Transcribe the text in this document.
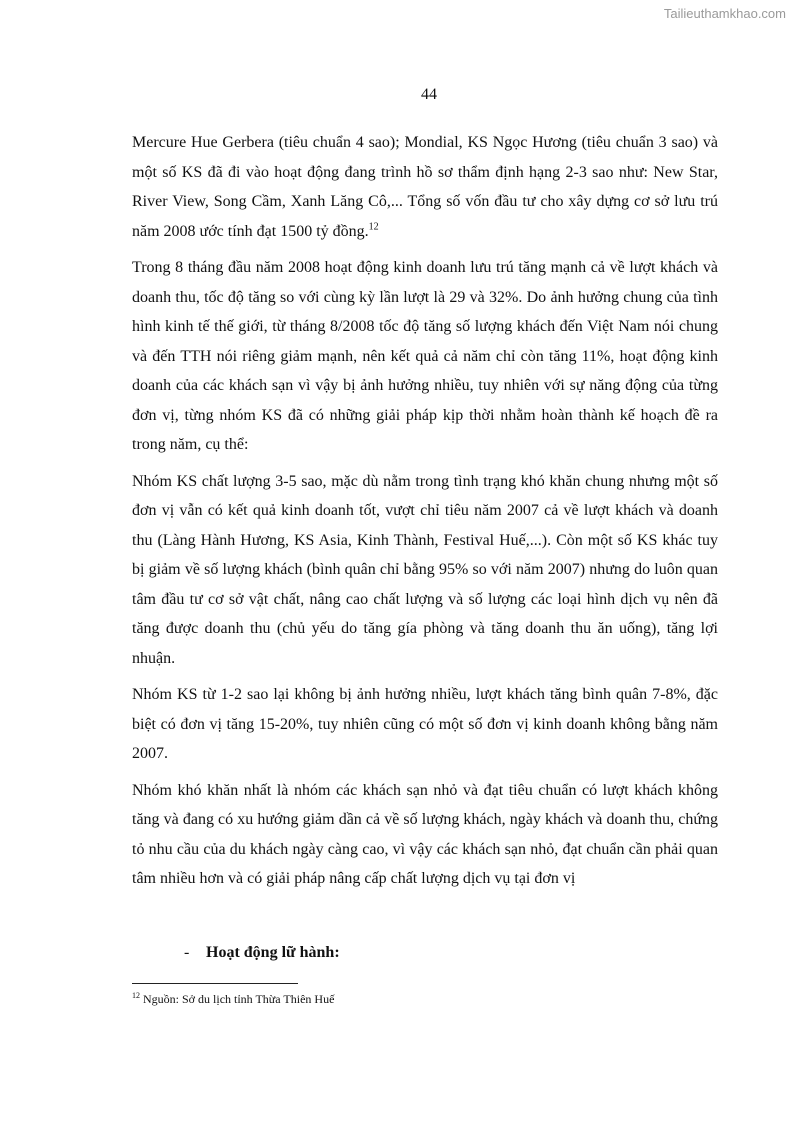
Tailieuthamkhao.com
44

Mercure Hue Gerbera (tiêu chuẩn 4 sao); Mondial, KS Ngọc Hương (tiêu chuẩn 3 sao) và một số KS đã đi vào hoạt động đang trình hồ sơ thẩm định hạng 2-3 sao như: New Star, River View, Song Cầm, Xanh Lăng Cô,... Tổng số vốn đầu tư cho xây dựng cơ sở lưu trú năm 2008 ước tính đạt 1500 tỷ đồng.$^{12}$

Trong 8 tháng đầu năm 2008 hoạt động kinh doanh lưu trú tăng mạnh cả về lượt khách và doanh thu, tốc độ tăng so với cùng kỳ lần lượt là 29 và 32%. Do ảnh hưởng chung của tình hình kinh tế thế giới, từ tháng 8/2008 tốc độ tăng số lượng khách đến Việt Nam nói chung và đến TTH nói riêng giảm mạnh, nên kết quả cả năm chỉ còn tăng 11%, hoạt động kinh doanh của các khách sạn vì vậy bị ảnh hưởng nhiều, tuy nhiên với sự năng động của từng đơn vị, từng nhóm KS đã có những giải pháp kịp thời nhằm hoàn thành kế hoạch đề ra trong năm, cụ thể:

Nhóm KS chất lượng 3-5 sao, mặc dù nằm trong tình trạng khó khăn chung nhưng một số đơn vị vẫn có kết quả kinh doanh tốt, vượt chỉ tiêu năm 2007 cả về lượt khách và doanh thu (Làng Hành Hương, KS Asia, Kinh Thành, Festival Huế,...). Còn một số KS khác tuy bị giảm về số lượng khách (bình quân chỉ bằng 95% so với năm 2007) nhưng do luôn quan tâm đầu tư cơ sở vật chất, nâng cao chất lượng và số lượng các loại hình dịch vụ nên đã tăng được doanh thu (chủ yếu do tăng gía phòng và tăng doanh thu ăn uống), tăng lợi nhuận.

Nhóm KS từ 1-2 sao lại không bị ảnh hưởng nhiều, lượt khách tăng bình quân 7-8%, đặc biệt có đơn vị tăng 15-20%, tuy nhiên cũng có một số đơn vị kinh doanh không bằng năm 2007.

Nhóm khó khăn nhất là nhóm các khách sạn nhỏ và đạt tiêu chuẩn có lượt khách không tăng và đang có xu hướng giảm dần cả về số lượng khách, ngày khách và doanh thu, chứng tỏ nhu cầu của du khách ngày càng cao, vì vậy các khách sạn nhỏ, đạt chuẩn cần phải quan tâm nhiều hơn và có giải pháp nâng cấp chất lượng dịch vụ tại đơn vị

- Hoạt động lữ hành:
$^{12}$ Nguồn: Sở du lịch tỉnh Thừa Thiên Huế
